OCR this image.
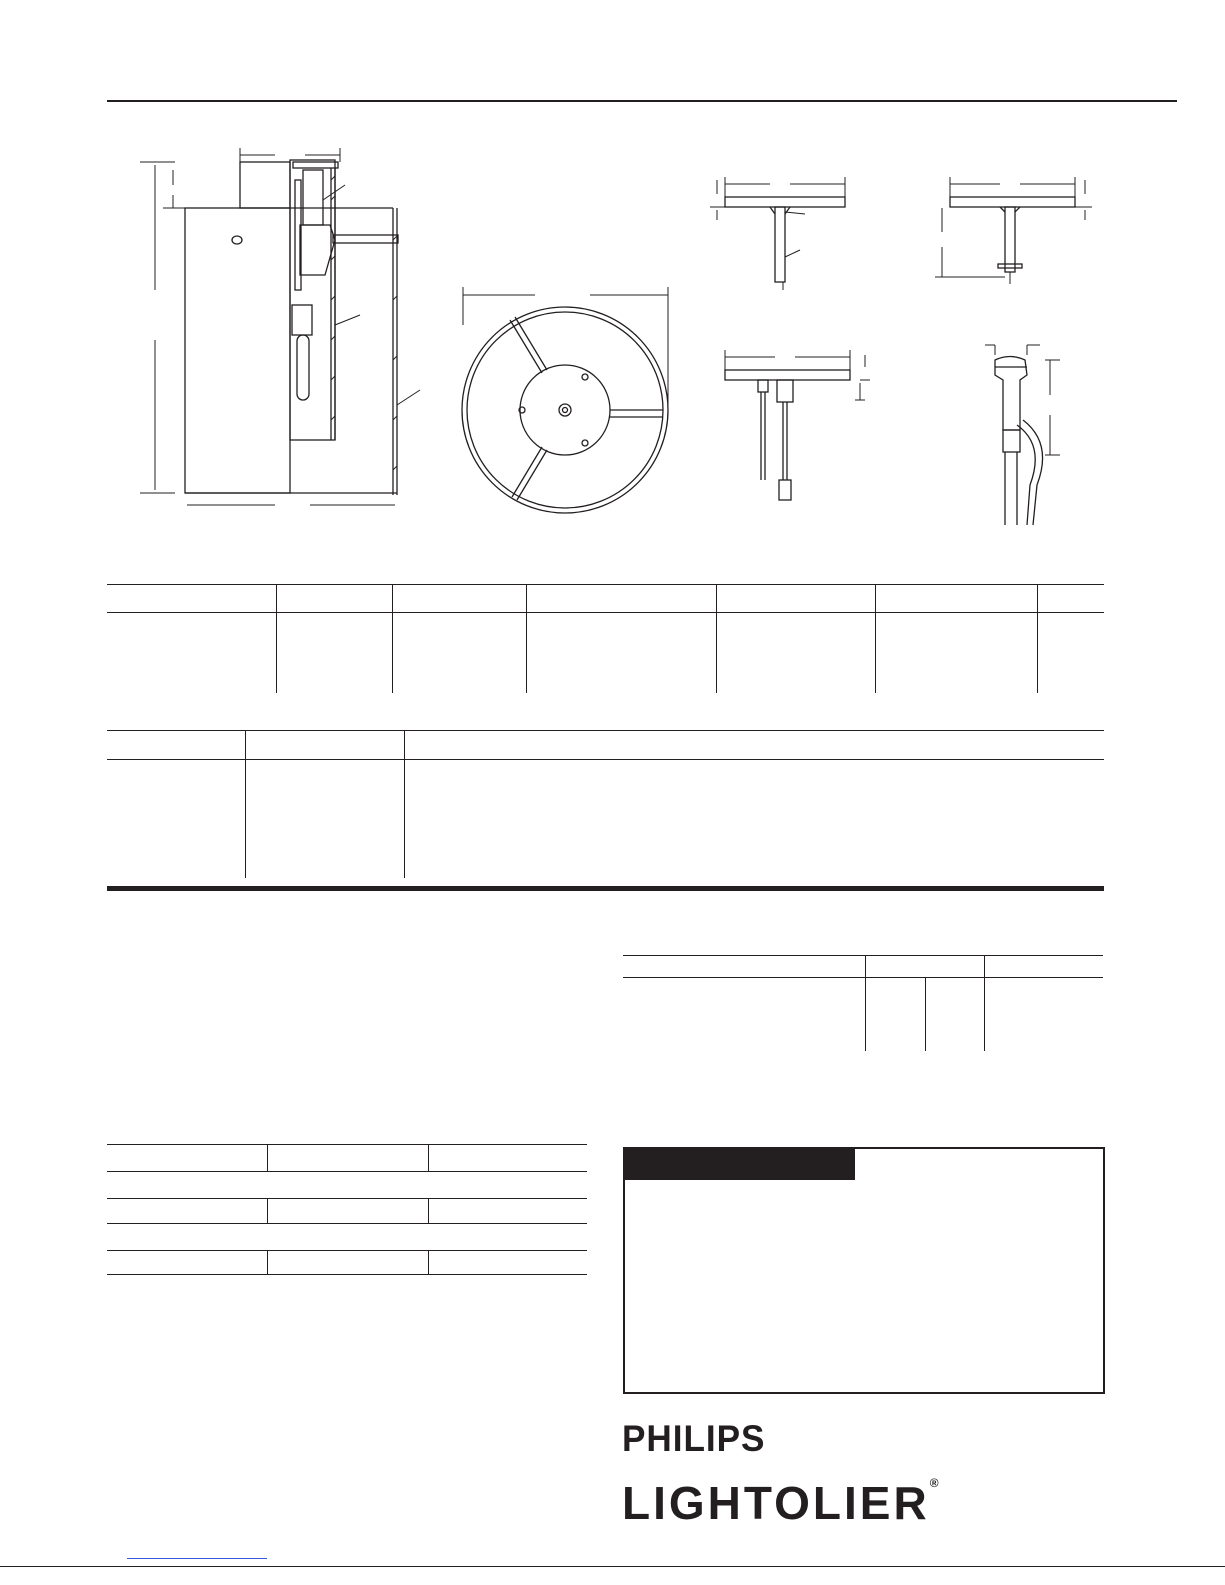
PHILIPS
LIGHTOLIER®
